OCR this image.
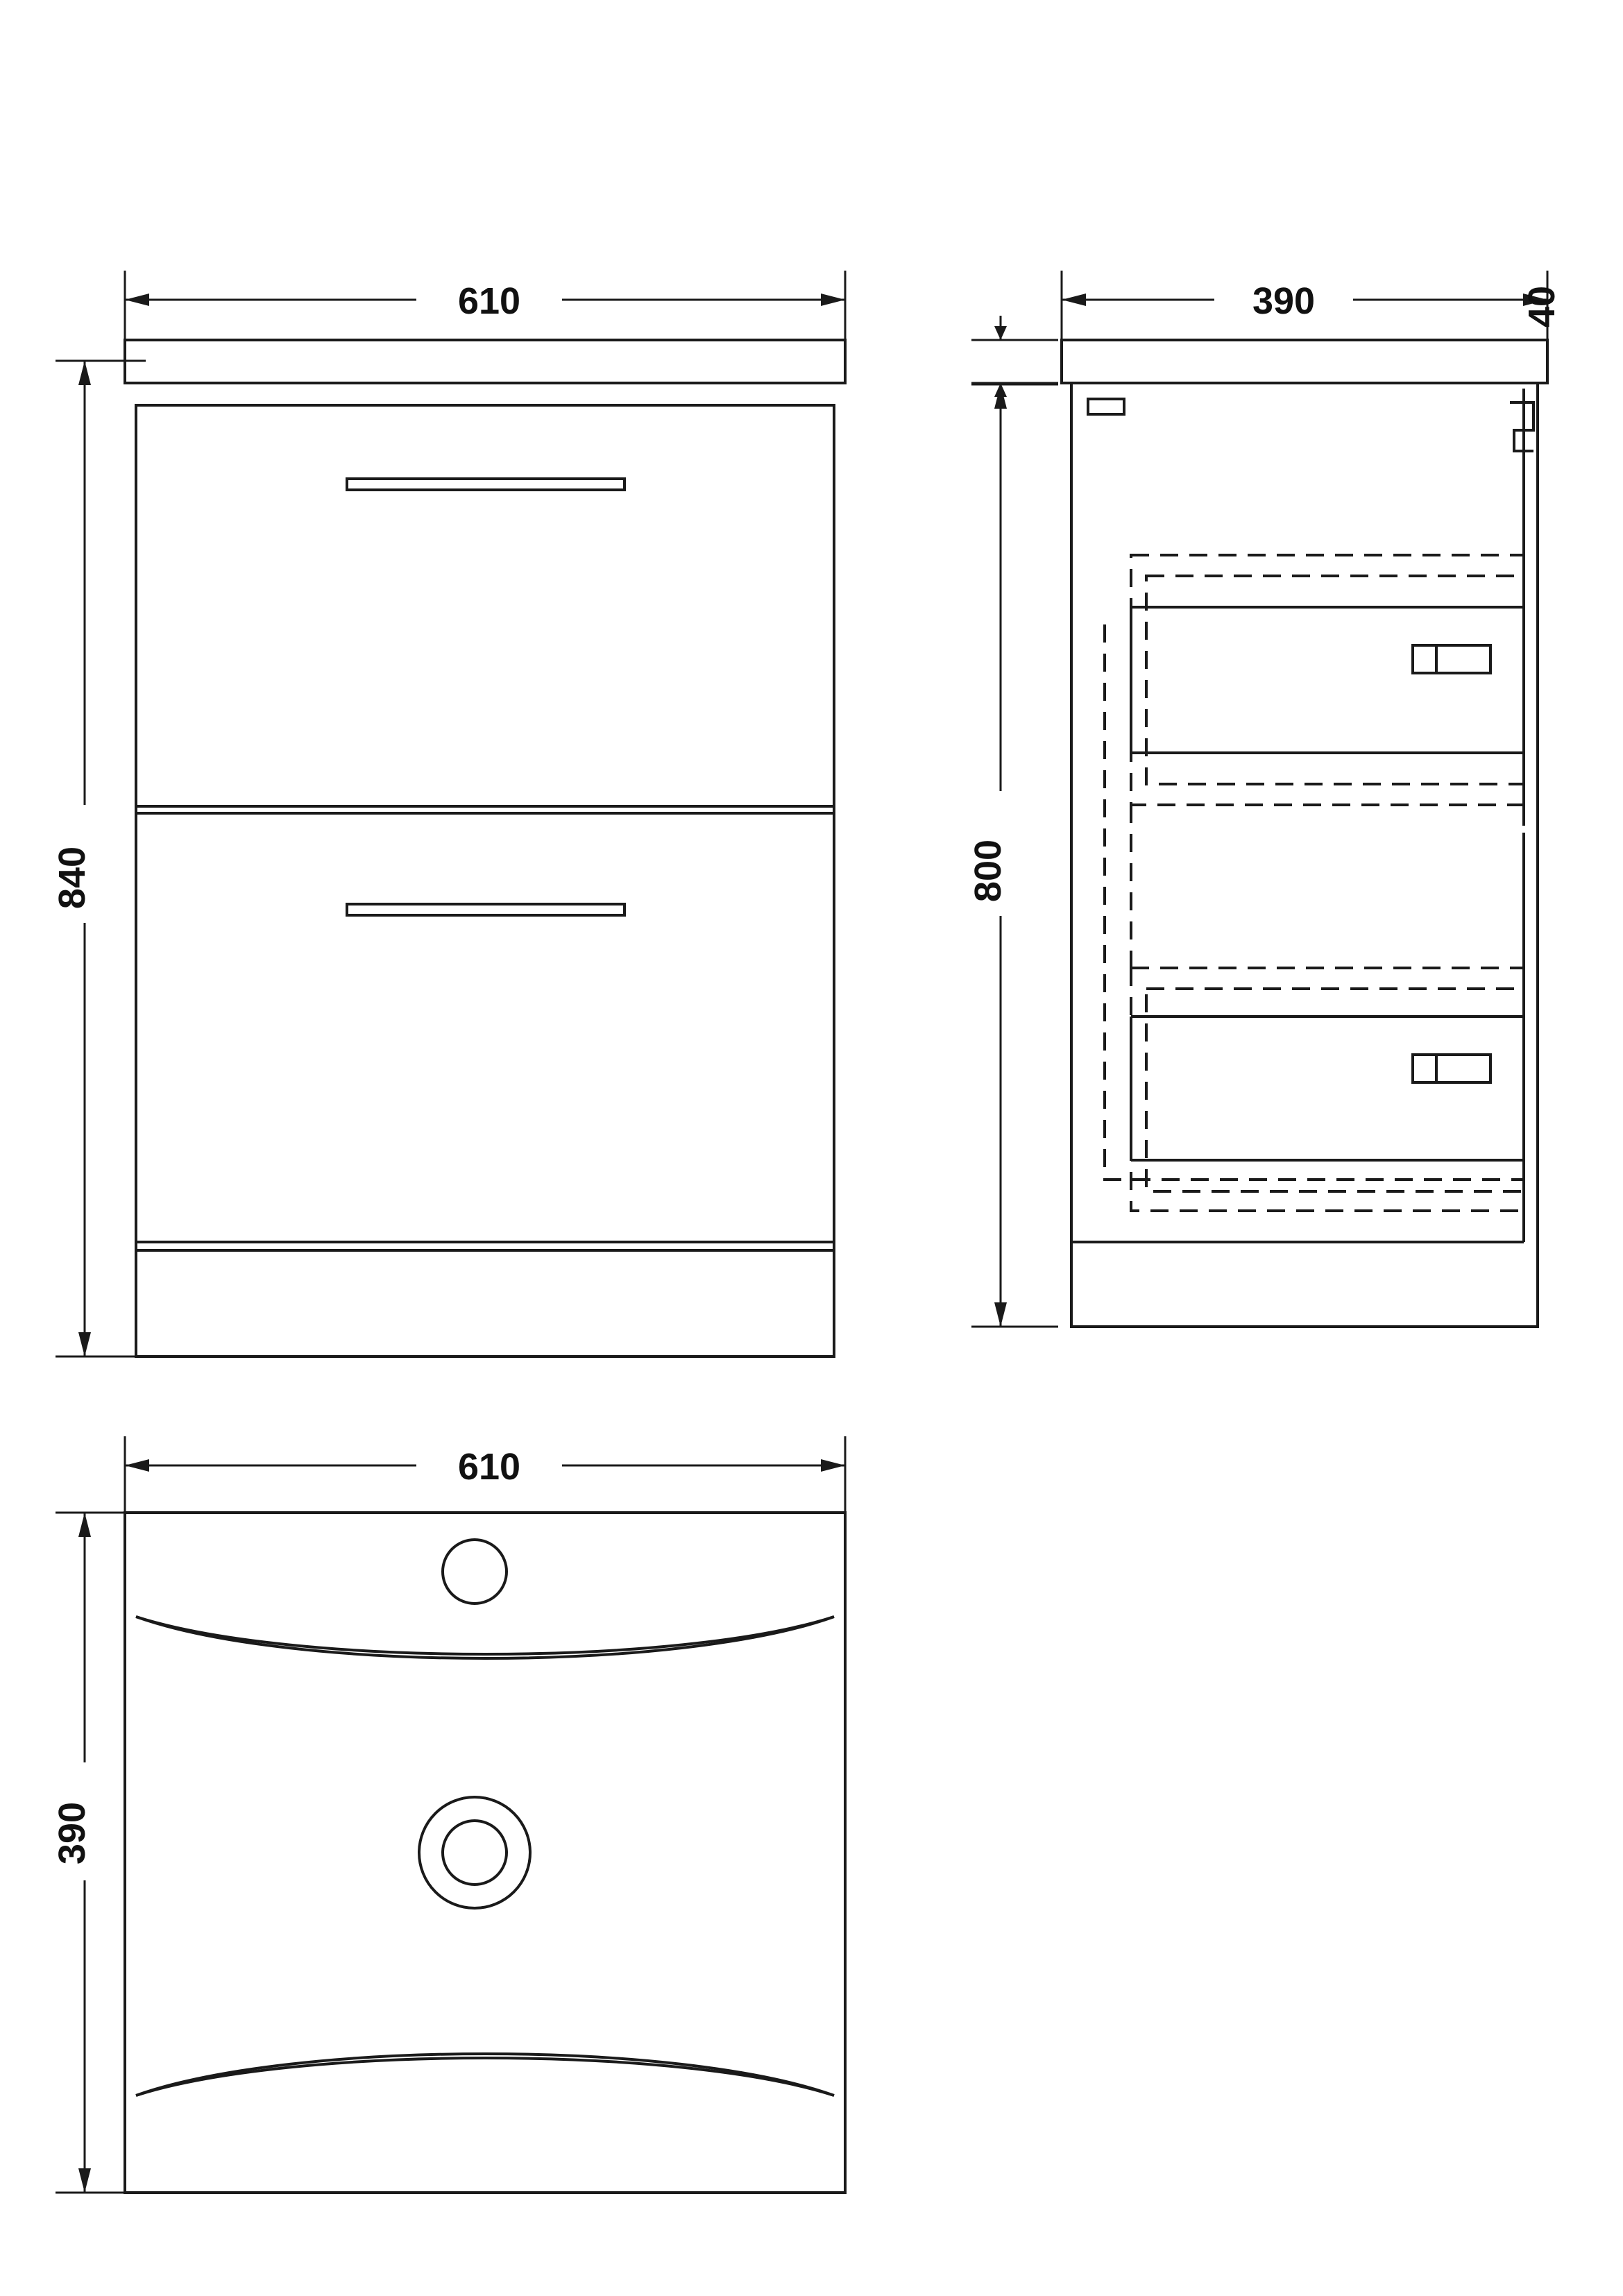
610
840
390	40
800
610
390
